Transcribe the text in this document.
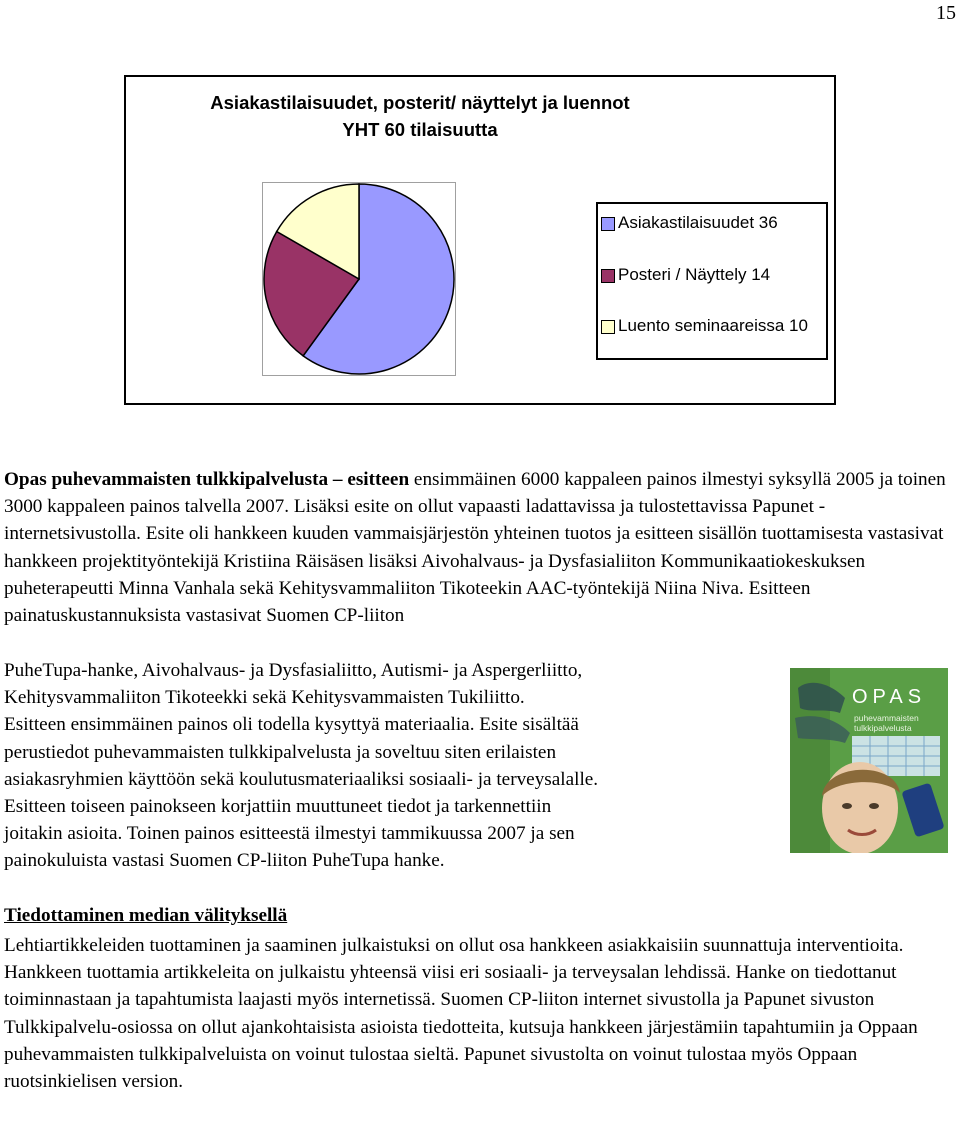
15
Asiakastilaisuudet, posterit/ näyttelyt ja luennot
YHT 60 tilaisuutta
Asiakastilaisuudet 36
Posteri / Näyttely 14
Luento seminaareissa 10

Opas puhevammaisten tulkkipalvelusta – esitteen ensimmäinen 6000 kappaleen painos ilmestyi syksyllä 2005 ja toinen 3000 kappaleen painos talvella 2007. Lisäksi esite on ollut vapaasti ladattavissa ja tulostettavissa Papunet - internetsivustolla. Esite oli hankkeen kuuden vammaisjärjestön yhteinen tuotos ja esitteen sisällön tuottamisesta vastasivat hankkeen projektityöntekijä Kristiina Räisäsen lisäksi Aivohalvaus- ja Dysfasialiiton Kommunikaatiokeskuksen puheterapeutti Minna Vanhala sekä Kehitysvammaliiton Tikoteekin AAC-työntekijä Niina Niva. Esitteen painatuskustannuksista vastasivat Suomen CP-liiton

PuheTupa-hanke, Aivohalvaus- ja Dysfasialiitto, Autismi- ja Aspergerliitto,
Kehitysvammaliiton Tikoteekki sekä Kehitysvammaisten Tukiliitto.
Esitteen ensimmäinen painos oli todella kysyttyä materiaalia. Esite sisältää
perustiedot puhevammaisten tulkkipalvelusta ja soveltuu siten erilaisten
asiakasryhmien käyttöön sekä koulutusmateriaaliksi sosiaali- ja terveysalalle.
Esitteen toiseen painokseen korjattiin muuttuneet tiedot ja tarkennettiin
joitakin asioita. Toinen painos esitteestä ilmestyi tammikuussa 2007 ja sen
painokuluista vastasi Suomen CP-liiton PuheTupa hanke.
OPAS
puhevammaisten tulkkipalvelusta
Tiedottaminen median välityksellä

Lehtiartikkeleiden tuottaminen ja saaminen julkaistuksi on ollut osa hankkeen asiakkaisiin suunnattuja interventioita. Hankkeen tuottamia artikkeleita on julkaistu yhteensä viisi eri sosiaali- ja terveysalan lehdissä. Hanke on tiedottanut toiminnastaan ja tapahtumista laajasti myös internetissä. Suomen CP-liiton internet sivustolla ja Papunet sivuston Tulkkipalvelu-osiossa on ollut ajankohtaisista asioista tiedotteita, kutsuja hankkeen järjestämiin tapahtumiin ja Oppaan puhevammaisten tulkkipalveluista on voinut tulostaa sieltä. Papunet sivustolta on voinut tulostaa myös Oppaan ruotsinkielisen version.
